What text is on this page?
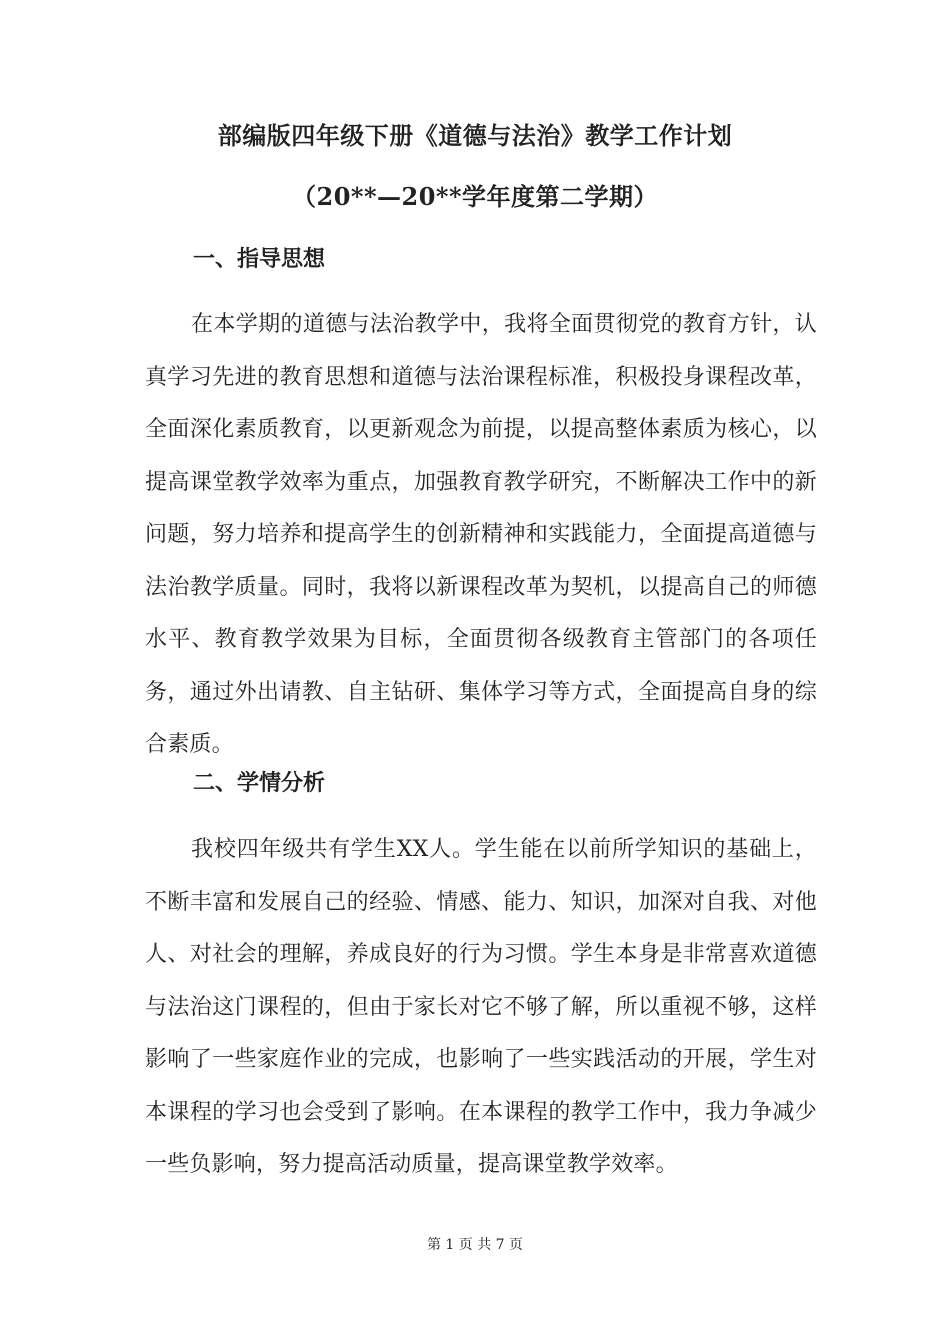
部编版四年级下册《道德与法治》教学工作计划
（20**—20**学年度第二学期）
一、指导思想

在本学期的道德与法治教学中，我将全面贯彻党的教育方针，认真学习先进的教育思想和道德与法治课程标准，积极投身课程改革，全面深化素质教育，以更新观念为前提，以提高整体素质为核心，以提高课堂教学效率为重点，加强教育教学研究，不断解决工作中的新问题，努力培养和提高学生的创新精神和实践能力，全面提高道德与法治教学质量。同时，我将以新课程改革为契机，以提高自己的师德水平、教育教学效果为目标，全面贯彻各级教育主管部门的各项任务，通过外出请教、自主钻研、集体学习等方式，全面提高自身的综合素质。

二、学情分析

我校四年级共有学生XX人。学生能在以前所学知识的基础上，不断丰富和发展自己的经验、情感、能力、知识，加深对自我、对他人、对社会的理解，养成良好的行为习惯。学生本身是非常喜欢道德与法治这门课程的，但由于家长对它不够了解，所以重视不够，这样影响了一些家庭作业的完成，也影响了一些实践活动的开展，学生对本课程的学习也会受到了影响。在本课程的教学工作中，我力争减少一些负影响，努力提高活动质量，提高课堂教学效率。

第 1 页 共 7 页
